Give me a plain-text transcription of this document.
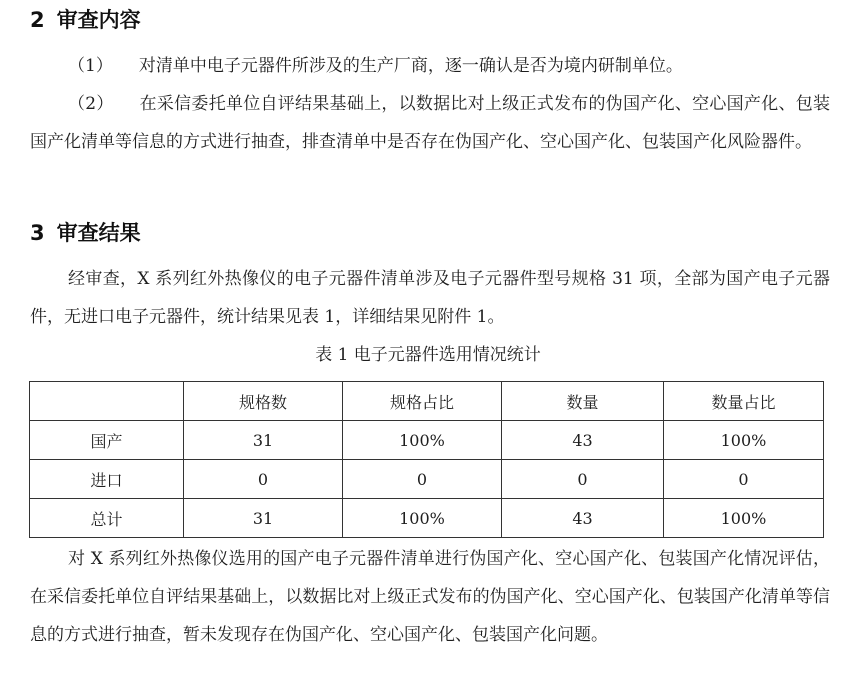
2 审查内容
（1） 对清单中电子元器件所涉及的生产厂商，逐一确认是否为境内研制单位。
（2） 在采信委托单位自评结果基础上，以数据比对上级正式发布的伪国产化、空心国产化、包装国产化清单等信息的方式进行抽查，排查清单中是否存在伪国产化、空心国产化、包装国产化风险器件。
3 审查结果
经审查，X 系列红外热像仪的电子元器件清单涉及电子元器件型号规格 31 项，全部为国产电子元器件，无进口电子元器件，统计结果见表 1，详细结果见附件 1。
表 1 电子元器件选用情况统计
	规格数	规格占比	数量	数量占比
国产	31	100%	43	100%
进口	0	0	0	0
总计	31	100%	43	100%
对 X 系列红外热像仪选用的国产电子元器件清单进行伪国产化、空心国产化、包装国产化情况评估，在采信委托单位自评结果基础上，以数据比对上级正式发布的伪国产化、空心国产化、包装国产化清单等信息的方式进行抽查，暂未发现存在伪国产化、空心国产化、包装国产化问题。
